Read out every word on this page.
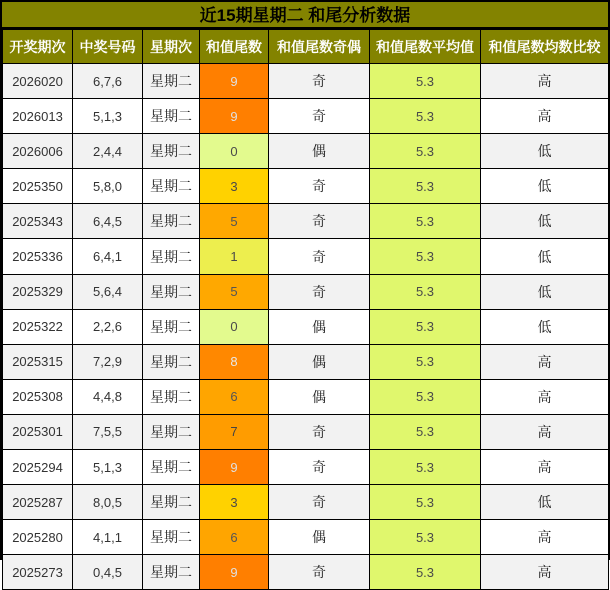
近15期星期二 和尾分析数据
开奖期次	中奖号码	星期次	和值尾数	和值尾数奇偶	和值尾数平均值	和值尾数均数比较
2026020	6,7,6	星期二	9	奇	5.3	高
2026013	5,1,3	星期二	9	奇	5.3	高
2026006	2,4,4	星期二	0	偶	5.3	低
2025350	5,8,0	星期二	3	奇	5.3	低
2025343	6,4,5	星期二	5	奇	5.3	低
2025336	6,4,1	星期二	1	奇	5.3	低
2025329	5,6,4	星期二	5	奇	5.3	低
2025322	2,2,6	星期二	0	偶	5.3	低
2025315	7,2,9	星期二	8	偶	5.3	高
2025308	4,4,8	星期二	6	偶	5.3	高
2025301	7,5,5	星期二	7	奇	5.3	高
2025294	5,1,3	星期二	9	奇	5.3	高
2025287	8,0,5	星期二	3	奇	5.3	低
2025280	4,1,1	星期二	6	偶	5.3	高
2025273	0,4,5	星期二	9	奇	5.3	高
